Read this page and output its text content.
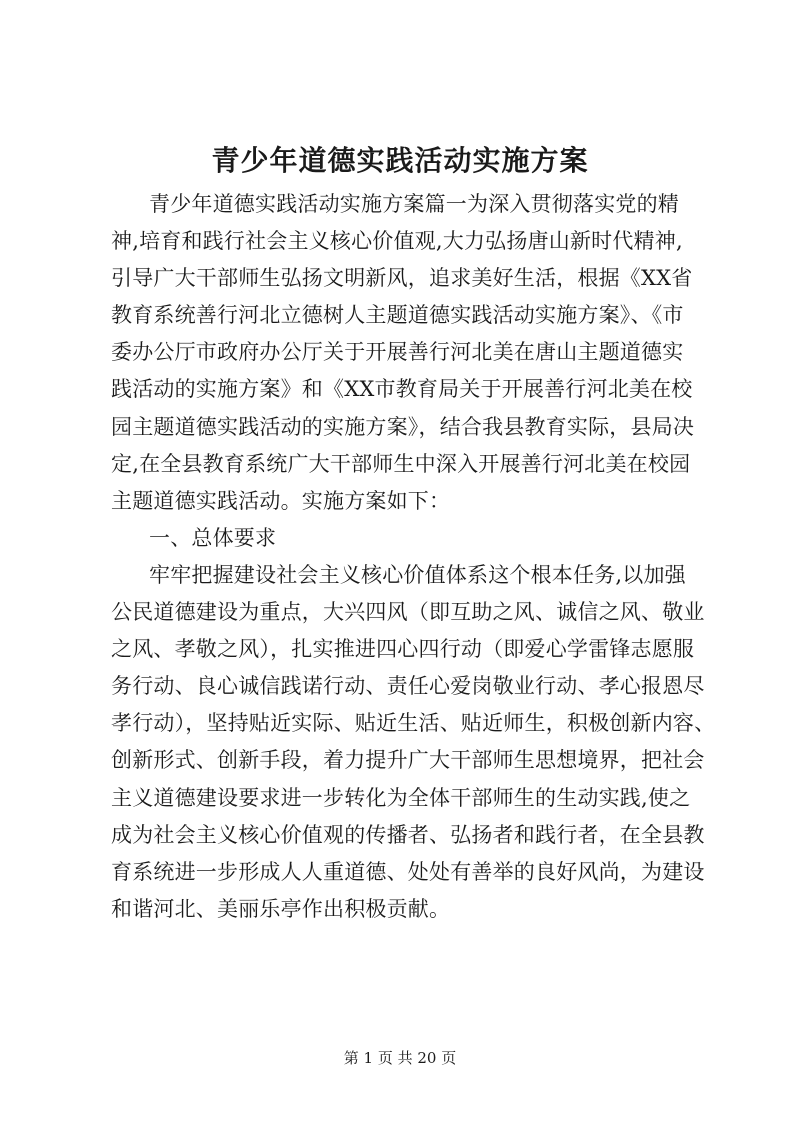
青少年道德实践活动实施方案
青少年道德实践活动实施方案篇一为深入贯彻落实党的精
神,培育和践行社会主义核心价值观,大力弘扬唐山新时代精神,
引导广大干部师生弘扬文明新风，追求美好生活，根据《XX省
教育系统善行河北立德树人主题道德实践活动实施方案》、《市
委办公厅市政府办公厅关于开展善行河北美在唐山主题道德实
践活动的实施方案》和《XX市教育局关于开展善行河北美在校
园主题道德实践活动的实施方案》，结合我县教育实际，县局决
定,在全县教育系统广大干部师生中深入开展善行河北美在校园
主题道德实践活动。实施方案如下：
一、总体要求
牢牢把握建设社会主义核心价值体系这个根本任务,以加强
公民道德建设为重点，大兴四风（即互助之风、诚信之风、敬业
之风、孝敬之风），扎实推进四心四行动（即爱心学雷锋志愿服
务行动、良心诚信践诺行动、责任心爱岗敬业行动、孝心报恩尽
孝行动），坚持贴近实际、贴近生活、贴近师生，积极创新内容、
创新形式、创新手段，着力提升广大干部师生思想境界，把社会
主义道德建设要求进一步转化为全体干部师生的生动实践,使之
成为社会主义核心价值观的传播者、弘扬者和践行者，在全县教
育系统进一步形成人人重道德、处处有善举的良好风尚，为建设
和谐河北、美丽乐亭作出积极贡献。
第 1 页 共 20 页
